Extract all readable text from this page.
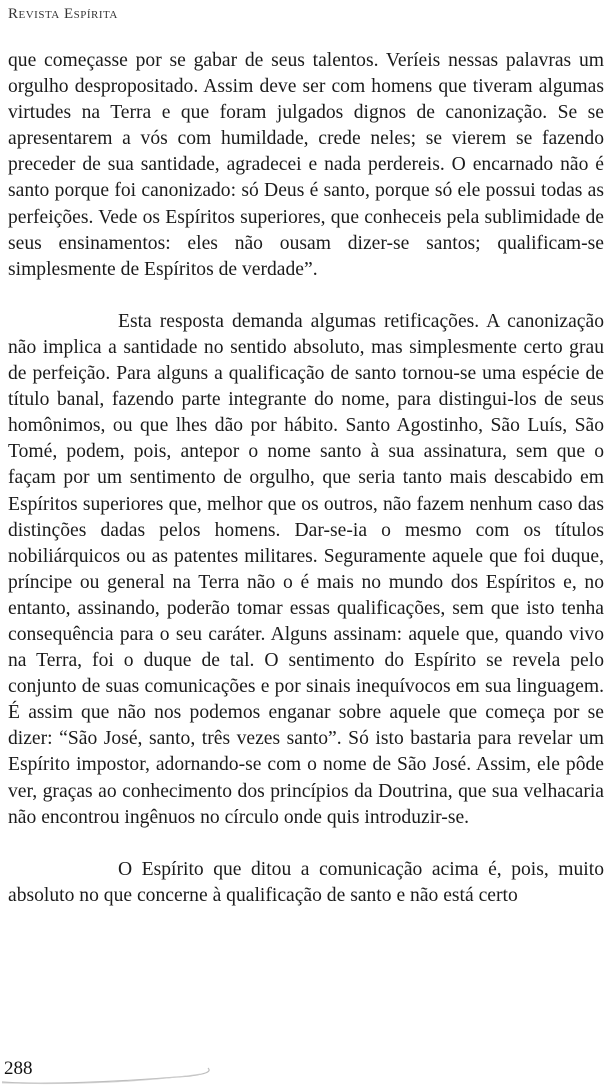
Revista Espírita

que começasse por se gabar de seus talentos. Veríeis nessas palavras um orgulho despropositado. Assim deve ser com homens que tiveram algumas virtudes na Terra e que foram julgados dignos de canonização. Se se apresentarem a vós com humildade, crede neles; se vierem se fazendo preceder de sua santidade, agradecei e nada perdereis. O encarnado não é santo porque foi canonizado: só Deus é santo, porque só ele possui todas as perfeições. Vede os Espíritos superiores, que conheceis pela sublimidade de seus ensinamentos: eles não ousam dizer-se santos; qualificam-se simplesmente de Espíritos de verdade”.

Esta resposta demanda algumas retificações. A canonização não implica a santidade no sentido absoluto, mas simplesmente certo grau de perfeição. Para alguns a qualificação de santo tornou-se uma espécie de título banal, fazendo parte integrante do nome, para distingui-los de seus homônimos, ou que lhes dão por hábito. Santo Agostinho, São Luís, São Tomé, podem, pois, antepor o nome santo à sua assinatura, sem que o façam por um sentimento de orgulho, que seria tanto mais descabido em Espíritos superiores que, melhor que os outros, não fazem nenhum caso das distinções dadas pelos homens. Dar-se-ia o mesmo com os títulos nobiliárquicos ou as patentes militares. Seguramente aquele que foi duque, príncipe ou general na Terra não o é mais no mundo dos Espíritos e, no entanto, assinando, poderão tomar essas qualificações, sem que isto tenha consequência para o seu caráter. Alguns assinam: aquele que, quando vivo na Terra, foi o duque de tal. O sentimento do Espírito se revela pelo conjunto de suas comunicações e por sinais inequívocos em sua linguagem. É assim que não nos podemos enganar sobre aquele que começa por se dizer: “São José, santo, três vezes santo”. Só isto bastaria para revelar um Espírito impostor, adornando-se com o nome de São José. Assim, ele pôde ver, graças ao conhecimento dos princípios da Doutrina, que sua velhacaria não encontrou ingênuos no círculo onde quis introduzir-se.

O Espírito que ditou a comunicação acima é, pois, muito absoluto no que concerne à qualificação de santo e não está certo

288
